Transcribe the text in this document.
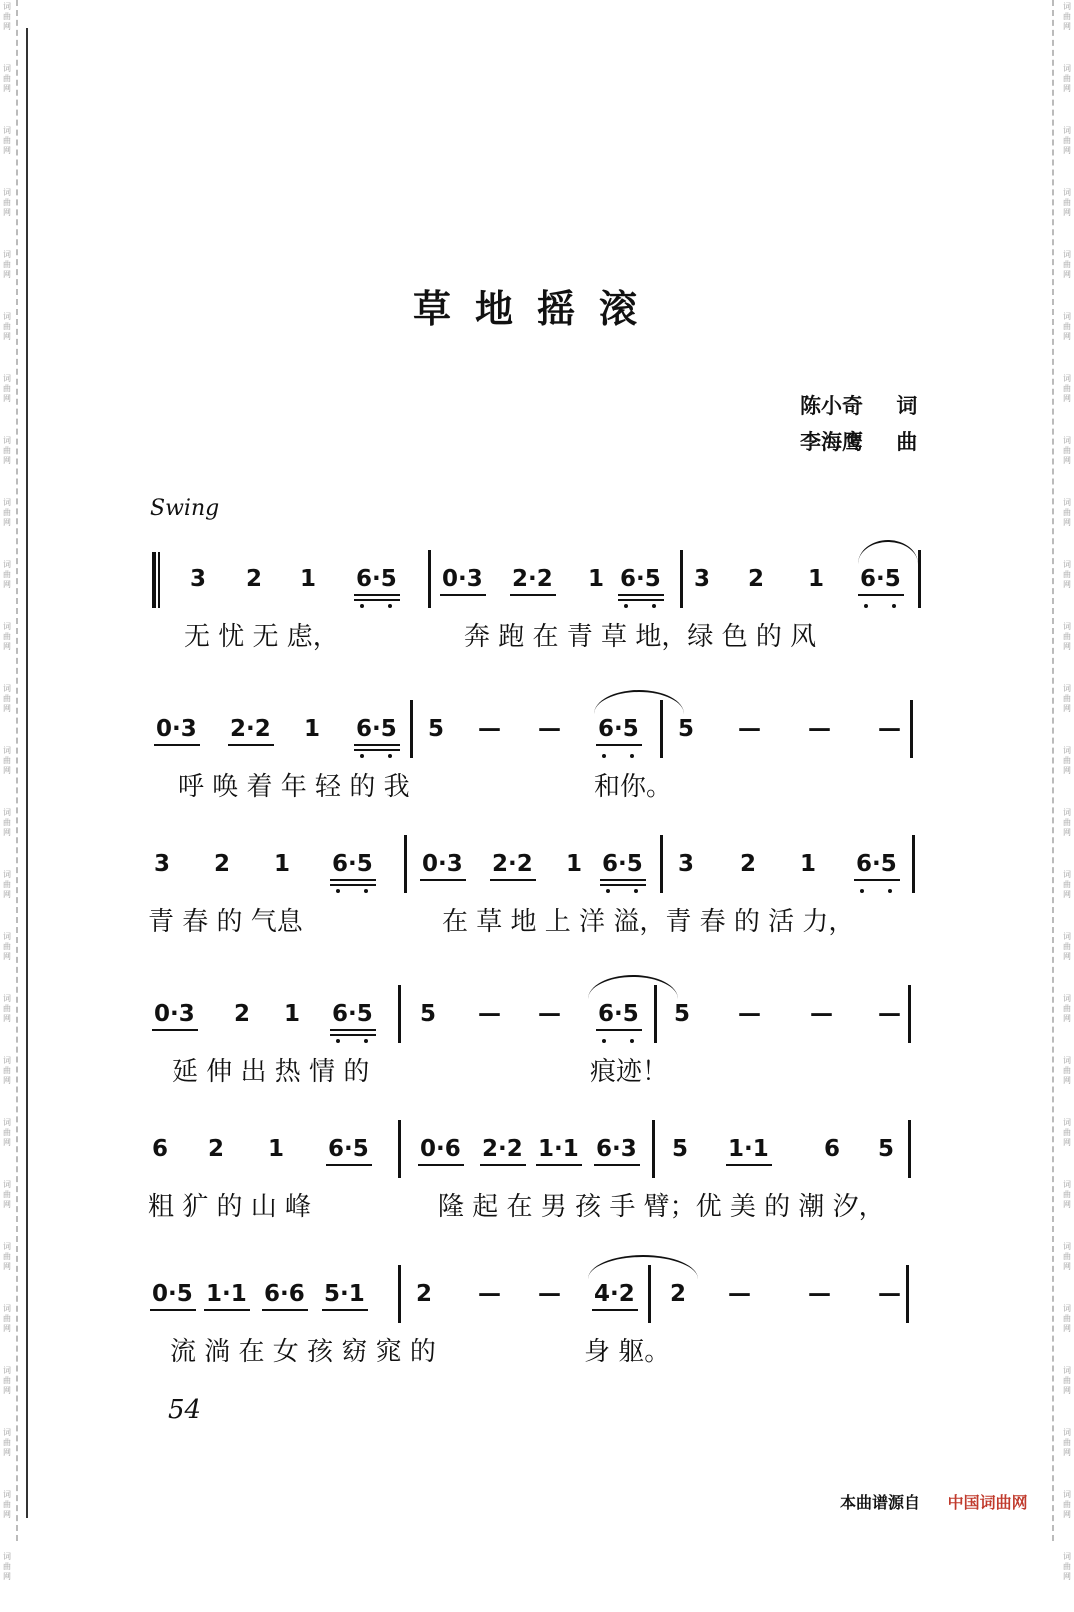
词
曲
网
词
曲
网
词
曲
网
词
曲
网
词
曲
网
词
曲
网
词
曲
网
词
曲
网
词
曲
网
词
曲
网
词
曲
网
词
曲
网
词
曲
网
词
曲
网
词
曲
网
词
曲
网
词
曲
网
词
曲
网
词
曲
网
词
曲
网
词
曲
网
词
曲
网
词
曲
网
词
曲
网
词
曲
网
词
曲
网
词
曲
网
词
曲
网
词
曲
网
词
曲
网
词
曲
网
词
曲
网
词
曲
网
词
曲
网
词
曲
网
词
曲
网
词
曲
网
词
曲
网
词
曲
网
词
曲
网
词
曲
网
词
曲
网
词
曲
网
词
曲
网
词
曲
网
词
曲
网
词
曲
网
词
曲
网
词
曲
网
词
曲
网
词
曲
网
词
曲
网
草地摇滚
陈小奇 词
李海鹰 曲
Swing
3 2 1 6·5 0·3 2·2 1 6·5 3 2 1 6·5
无 忧 无 虑，	奔 跑 在 青 草 地，绿 色 的 风
0·3 2·2 1 6·5 5 — — 6·5 5 — — —
呼 唤 着 年 轻 的 我	和你。
3 2 1 6·5 0·3 2·2 1 6·5 3 2 1 6·5
青 春 的 气息	在 草 地 上 洋 溢，青 春 的 活 力，
0·3 2 1 6·5 5 — — 6·5 5 — — —
延 伸 出 热 情 的	痕迹！
6 2 1 6·5 0·6 2·2 1·1 6·3 5 1·1 6 5
粗 犷 的 山 峰	隆 起 在 男 孩 手 臂；优 美 的 潮 汐，
0·5 1·1 6·6 5·1 2 — — 4·2 2 — — —
流 淌 在 女 孩 窈 窕 的	身 躯。
54
本曲谱源自 中国词曲网
